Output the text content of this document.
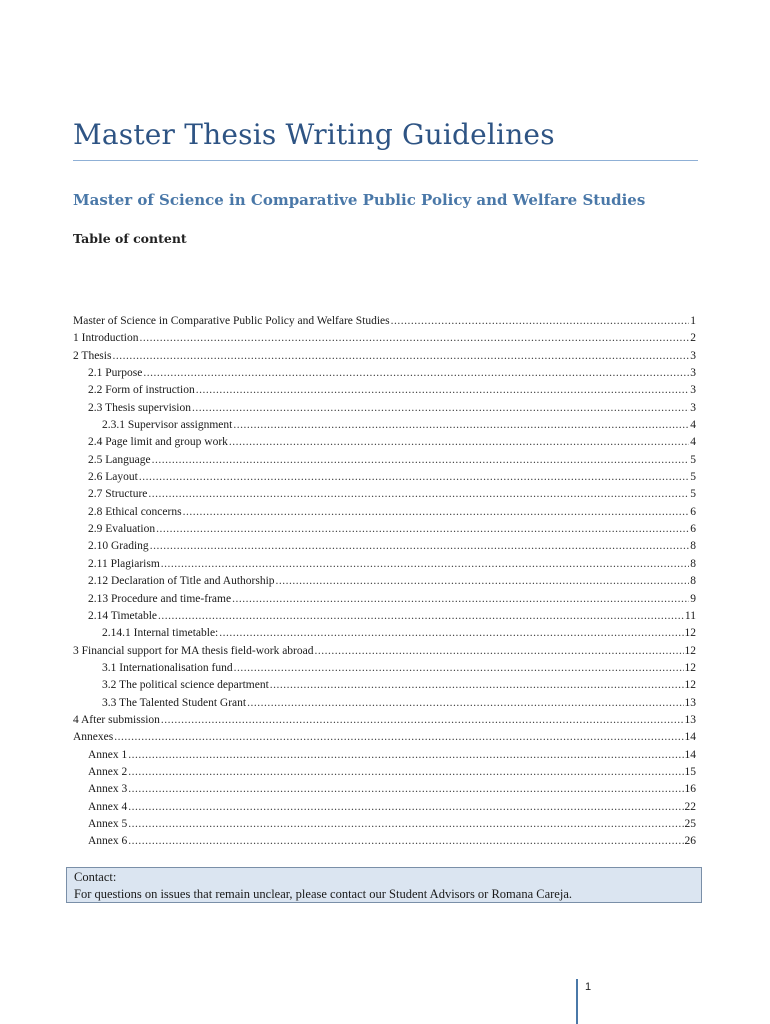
Master Thesis Writing Guidelines
Master of Science in Comparative Public Policy and Welfare Studies
Table of content
Master of Science in Comparative Public Policy and Welfare Studies .....	1
1 Introduction .....	2
2 Thesis .....	3
2.1 Purpose .....	3
2.2 Form of instruction .....	3
2.3 Thesis supervision .....	3
2.3.1 Supervisor assignment .....	4
2.4 Page limit and group work .....	4
2.5 Language .....	5
2.6 Layout .....	5
2.7 Structure .....	5
2.8 Ethical concerns .....	6
2.9 Evaluation .....	6
2.10 Grading .....	8
2.11 Plagiarism .....	8
2.12 Declaration of Title and Authorship .....	8
2.13 Procedure and time-frame .....	9
2.14 Timetable .....	11
2.14.1 Internal timetable: .....	12
3 Financial support for MA thesis field-work abroad .....	12
3.1 Internationalisation fund .....	12
3.2 The political science department .....	12
3.3 The Talented Student Grant .....	13
4 After submission .....	13
Annexes .....	14
Annex 1 .....	14
Annex 2 .....	15
Annex 3 .....	16
Annex 4 .....	22
Annex 5 .....	25
Annex 6 .....	26
Contact:
For questions on issues that remain unclear, please contact our Student Advisors or Romana Careja.
1
